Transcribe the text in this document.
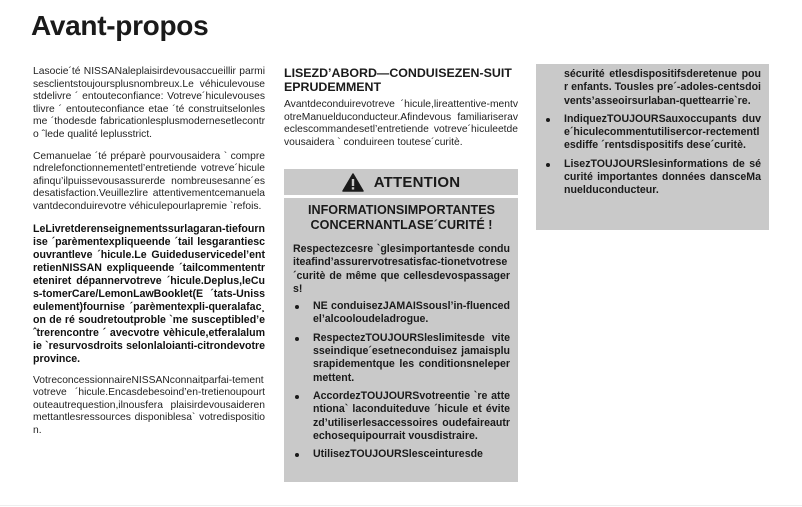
Avant-propos

Lasocie´té NISSANaleplaisirdevousaccueillir parmisesclientstoujoursplusnombreux.Le véhiculevousestdelivre ´ entouteconfiance: Votreve´hiculevousestlivre ´ entouteconfiance etae ´té construitselonlesme ´thodesde fabricationlesplusmodernesetlecontro ˆlede qualité leplusstrict.

Cemanuelae ´té préparè pourvousaidera ` comprendrelefonctionnementetl’entretiende votreve´hiculeafinqu’ilpuissevousassurerde nombreusesanne´esdesatisfaction.Veuillezlire attentivementcemanuelavantdeconduirevotre véhiculepourlapremie `refois.

LeLivretderenseignementssurlagaran-tiefournise ´parèmentexpliqueende ´tail lesgarantiescouvrantleve ´hicule.Le Guideduservicedel’entretienNISSAN expliqueende ´tailcommententreteniret dépannervotreve ´hicule.Deplus,leCus-tomerCare/LemonLawBooklet(E ´tats-Unisseulement)fournise ´parèmentexpli-queralafac¸on de ré soudretoutproble `me susceptibled’e ˆtrerencontre ´ avecvotre vèhicule,etferalalumie `resurvosdroits selonlaloianti-citrondevotreprovince.

VotreconcessionnaireNISSANconnaitparfai-tementvotreve ´hicule.Encasdebesoind’en-tretienoupourtouteautrequestion,ilnousfera plaisirdevousaiderenmettantlesressources disponiblesa` votredisposition.

LISEZD’ABORD—CONDUISEZEN-SUITEPRUDEMMENT

Avantdeconduirevotreve ´hicule,lireattentive-mentvotreManuelduconducteur.Afindevous familiariseraveclescommandesetl’entretiende votreve´hiculeetdevousaidera ` conduireen toutese´curitè.

ATTENTION
INFORMATIONSIMPORTANTES
CONCERNANTLASE´CURITÉ !

Respectezcesre `glesimportantesde conduiteafind’assurervotresatisfac-tionetvotrese ´curitè de même que cellesdevospassagers!

NE conduisezJAMAISsousl’in-fluencedel’alcooloudeladrogue.
RespectezTOUJOURSleslimitesde vitesseindique´esetneconduisez jamaisplusrapidementque les conditionsnelepermettent.
AccordezTOUJOURSvotreentie `re attentiona` laconduiteduve ´hicule et évitezd’utiliserlesaccessoires oudefaireautrechosequipourrait vousdistraire.
UtilisezTOUJOURSlesceinturesde

sécurité etlesdispositifsderetenue pour enfants. Tousles pre´-adoles-centsdoivents’asseoirsurlaban-quettearrie`re.

IndiquezTOUJOURSauxoccupants duve´hiculecommentutilisercor-rectementlesdiffe ´rentsdispositifs dese´curitè.
LisezTOUJOURSlesinformations de sécurité importantes données dansceManuelduconducteur.
